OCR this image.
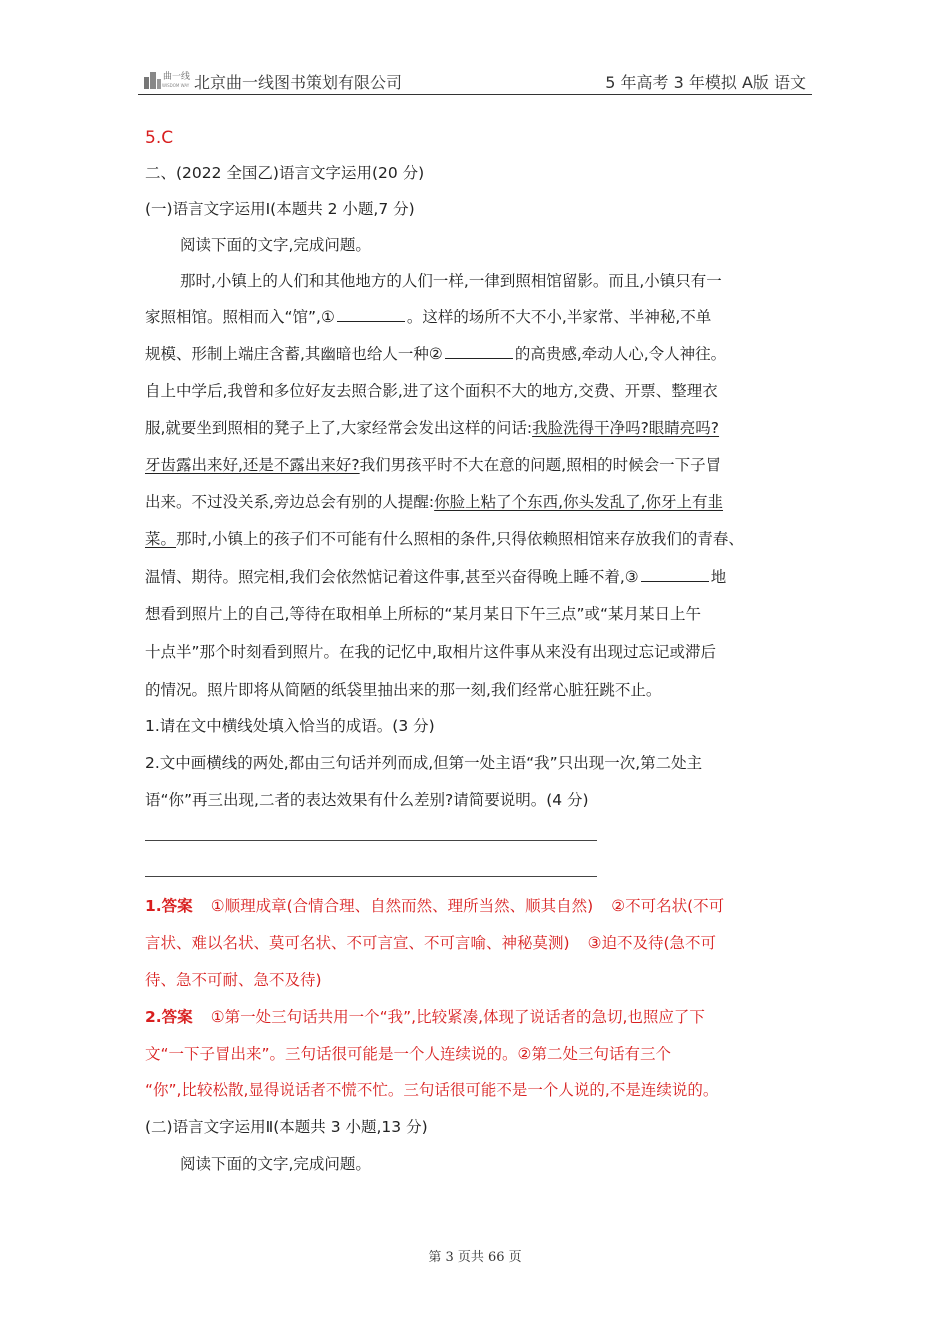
曲一线
WISDOM WAY 北京曲一线图书策划有限公司	5 年高考 3 年模拟 A版 语文
5.C
二、(2022 全国乙)语言文字运用(20 分)
(一)语言文字运用Ⅰ(本题共 2 小题,7 分)
阅读下面的文字,完成问题。
那时,小镇上的人们和其他地方的人们一样,一律到照相馆留影。而且,小镇只有一
家照相馆。照相而入“馆”,①	。这样的场所不大不小,半家常、半神秘,不单
规模、形制上端庄含蓄,其幽暗也给人一种②	的高贵感,牵动人心,令人神往。
自上中学后,我曾和多位好友去照合影,进了这个面积不大的地方,交费、开票、整理衣
服,就要坐到照相的凳子上了,大家经常会发出这样的问话:我脸洗得干净吗?眼睛亮吗?
牙齿露出来好,还是不露出来好?我们男孩平时不大在意的问题,照相的时候会一下子冒
出来。不过没关系,旁边总会有别的人提醒:你脸上粘了个东西,你头发乱了,你牙上有韭
菜。那时,小镇上的孩子们不可能有什么照相的条件,只得依赖照相馆来存放我们的青春、
温情、期待。照完相,我们会依然惦记着这件事,甚至兴奋得晚上睡不着,③	地
想看到照片上的自己,等待在取相单上所标的“某月某日下午三点”或“某月某日上午
十点半”那个时刻看到照片。在我的记忆中,取相片这件事从来没有出现过忘记或滞后
的情况。照片即将从简陋的纸袋里抽出来的那一刻,我们经常心脏狂跳不止。
1.请在文中横线处填入恰当的成语。(3 分)
2.文中画横线的两处,都由三句话并列而成,但第一处主语“我”只出现一次,第二处主
语“你”再三出现,二者的表达效果有什么差别?请简要说明。(4 分)
1.答案 ①顺理成章(合情合理、自然而然、理所当然、顺其自然) ②不可名状(不可
言状、难以名状、莫可名状、不可言宣、不可言喻、神秘莫测) ③迫不及待(急不可
待、急不可耐、急不及待)
2.答案 ①第一处三句话共用一个“我”,比较紧凑,体现了说话者的急切,也照应了下
文“一下子冒出来”。三句话很可能是一个人连续说的。②第二处三句话有三个
“你”,比较松散,显得说话者不慌不忙。三句话很可能不是一个人说的,不是连续说的。
(二)语言文字运用Ⅱ(本题共 3 小题,13 分)
阅读下面的文字,完成问题。
第 3 页共 66 页
